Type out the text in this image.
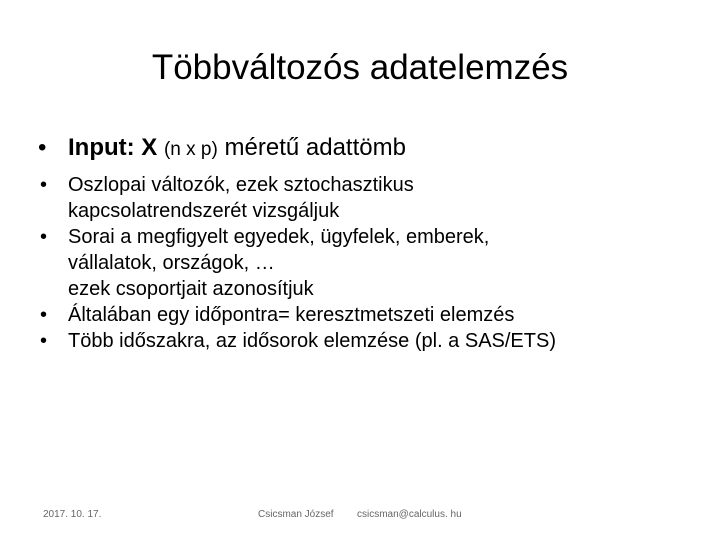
Többváltozós adatelemzés
• Input: X (n x p) méretű adattömb
•	Oszlopai változók, ezek sztochasztikus
kapcsolatrendszerét vizsgáljuk
•	Sorai a megfigyelt egyedek, ügyfelek, emberek,
vállalatok, országok, …
ezek csoportjait azonosítjuk
•	Általában egy időpontra= keresztmetszeti elemzés
•	Több időszakra, az idősorok elemzése (pl. a SAS/ETS)
2017. 10. 17.	Csicsman József csicsman@calculus. hu
